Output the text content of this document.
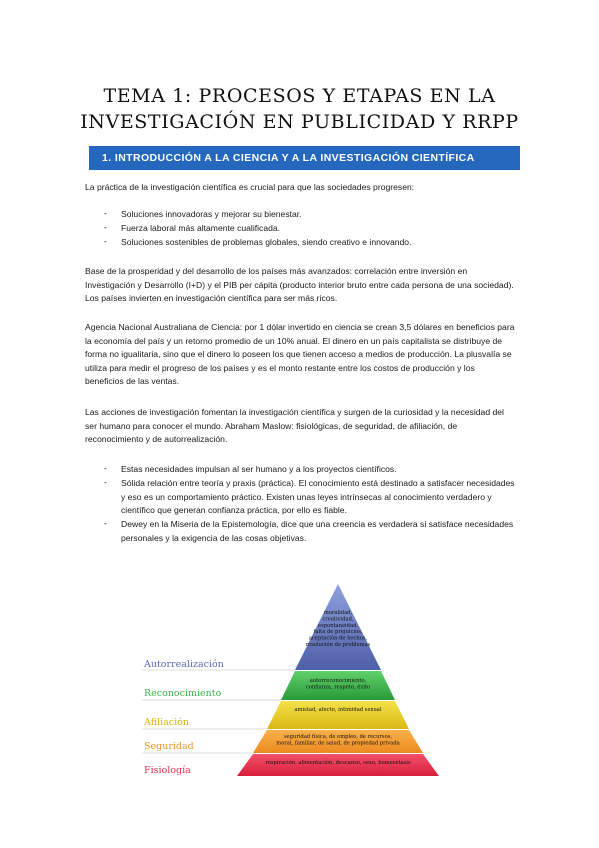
TEMA 1: PROCESOS Y ETAPAS EN LA
INVESTIGACIÓN EN PUBLICIDAD Y RRPP
1. INTRODUCCIÓN A LA CIENCIA Y A LA INVESTIGACIÓN CIENTÍFICA
La práctica de la investigación científica es crucial para que las sociedades progresen:
- Soluciones innovadoras y mejorar su bienestar.
- Fuerza laboral más altamente cualificada.
- Soluciones sostenibles de problemas globales, siendo creativo e innovando.
Base de la prosperidad y del desarrollo de los países más avanzados: correlación entre inversión en Investigación y Desarrollo (I+D) y el PIB per cápita (producto interior bruto entre cada persona de una sociedad). Los países invierten en investigación científica para ser más ricos.
Agencia Nacional Australiana de Ciencia: por 1 dólar invertido en ciencia se crean 3,5 dólares en beneficios para la economía del país y un retorno promedio de un 10% anual. El dinero en un país capitalista se distribuye de forma no igualitaria, sino que el dinero lo poseen los que tienen acceso a medios de producción. La plusvalía se utiliza para medir el progreso de los países y es el monto restante entre los costos de producción y los beneficios de las ventas.
Las acciones de investigación fomentan la investigación científica y surgen de la curiosidad y la necesidad del ser humano para conocer el mundo. Abraham Maslow: fisiológicas, de seguridad, de afiliación, de reconocimiento y de autorrealización.
- Estas necesidades impulsan al ser humano y a los proyectos científicos.
- Sólida relación entre teoría y praxis (práctica). El conocimiento está destinado a satisfacer necesidades y eso es un comportamiento práctico. Existen unas leyes intrínsecas al conocimiento verdadero y científico que generan confianza práctica, por ello es fiable.
- Dewey en la Miseria de la Epistemología, dice que una creencia es verdadera si satisface necesidades personales y la exigencia de las cosas objetivas.
Autorrealización
Reconocimiento
Afiliación
Seguridad
Fisiología
moralidad,
creatividad,
espontaneidad,
falta de prejuicios,
aceptación de hechos,
resolución de problemas
autorreconocimiento,
confianza, respeto, éxito
amistad, afecto, intimidad sexual
seguridad física, de empleo, de recursos,
moral, familiar, de salud, de propiedad privada
respiración, alimentación, descanso, sexo, homeostasis
